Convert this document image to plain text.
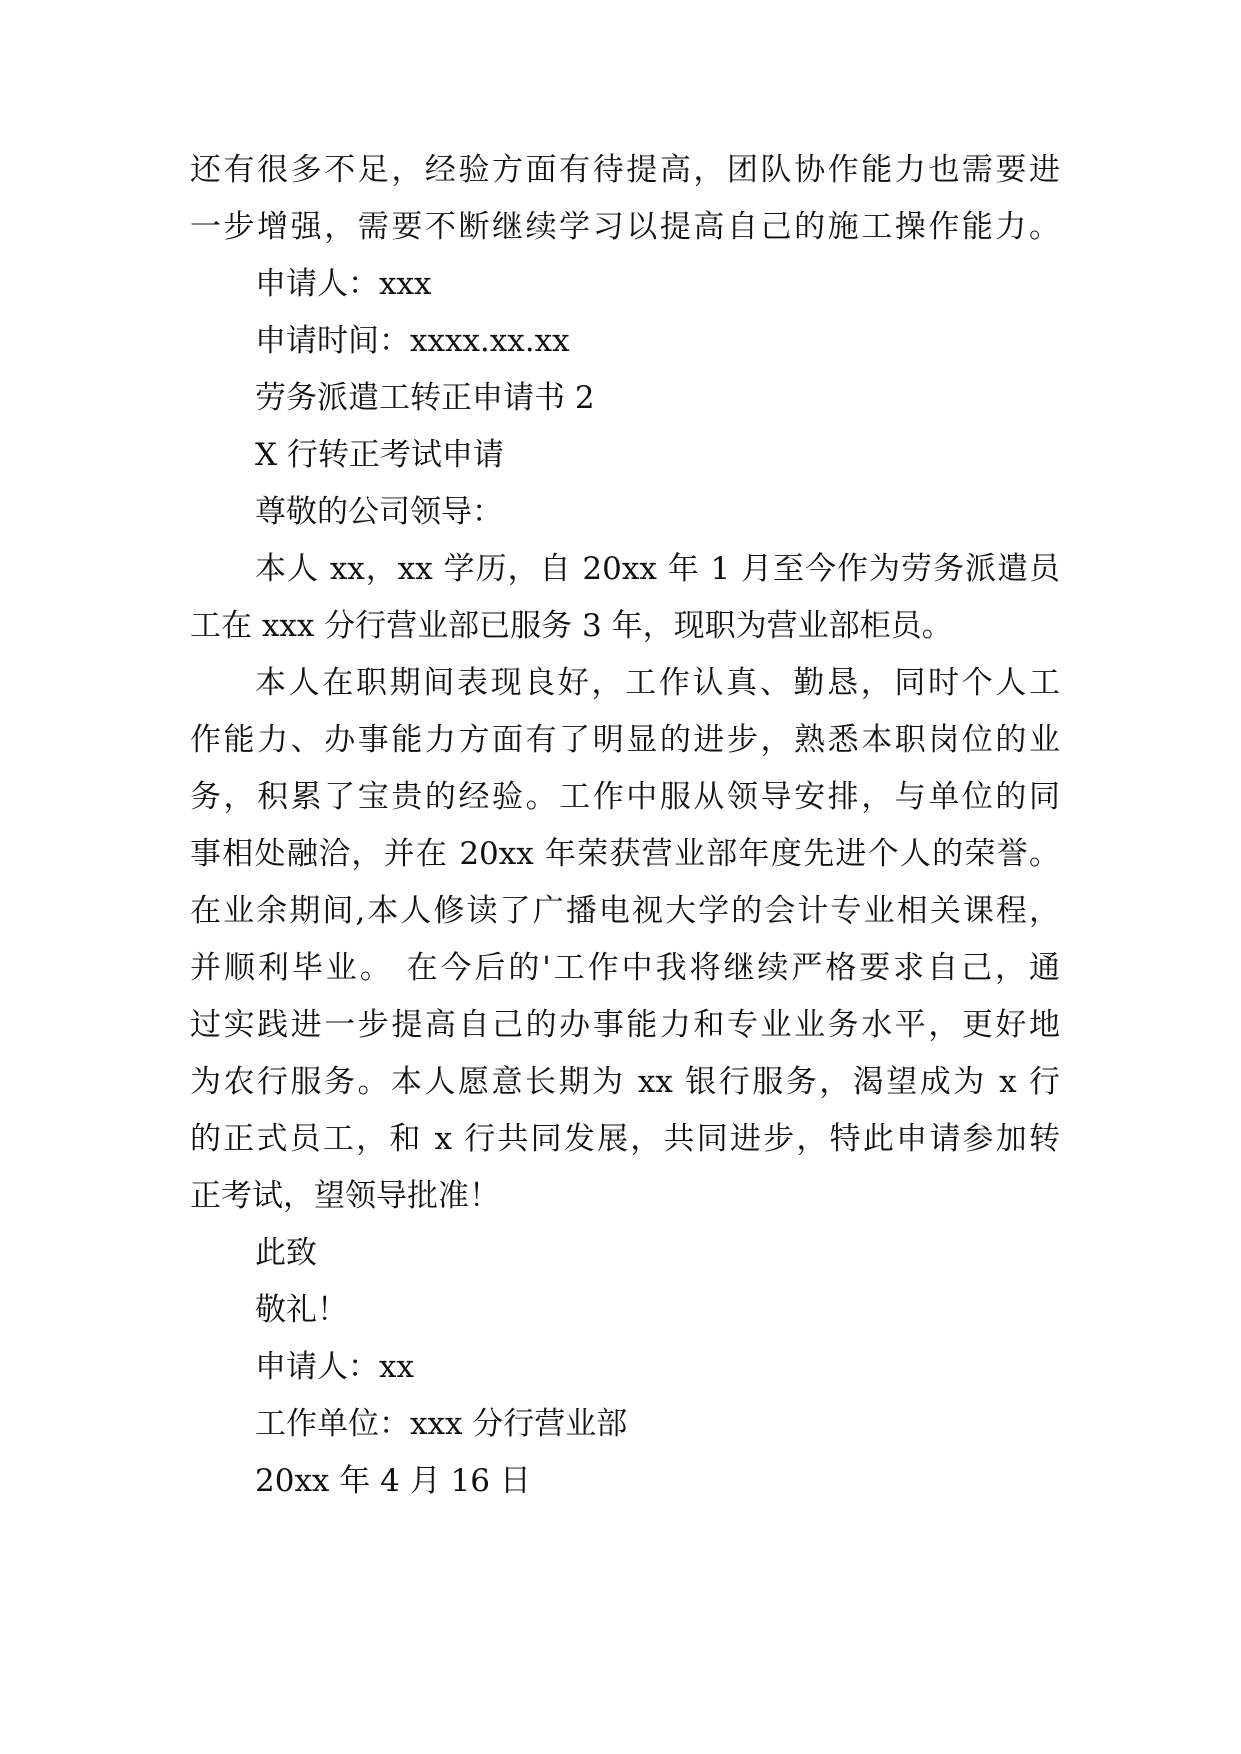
还有很多不足，经验方面有待提高，团队协作能力也需要进
一步增强，需要不断继续学习以提高自己的施工操作能力。
申请人：xxx
申请时间：xxxx.xx.xx
劳务派遣工转正申请书 2
X 行转正考试申请
尊敬的公司领导：
本人 xx，xx 学历，自 20xx 年 1 月至今作为劳务派遣员
工在 xxx 分行营业部已服务 3 年，现职为营业部柜员。
本人在职期间表现良好，工作认真、勤恳，同时个人工
作能力、办事能力方面有了明显的进步，熟悉本职岗位的业
务，积累了宝贵的经验。工作中服从领导安排，与单位的同
事相处融洽，并在 20xx 年荣获营业部年度先进个人的荣誉。
在业余期间,本人修读了广播电视大学的会计专业相关课程，
并顺利毕业。 在今后的'工作中我将继续严格要求自己，通
过实践进一步提高自己的办事能力和专业业务水平，更好地
为农行服务。本人愿意长期为 xx 银行服务，渴望成为 x 行
的正式员工，和 x 行共同发展，共同进步，特此申请参加转
正考试，望领导批准！
此致
敬礼！
申请人：xx
工作单位：xxx 分行营业部
20xx 年 4 月 16 日
